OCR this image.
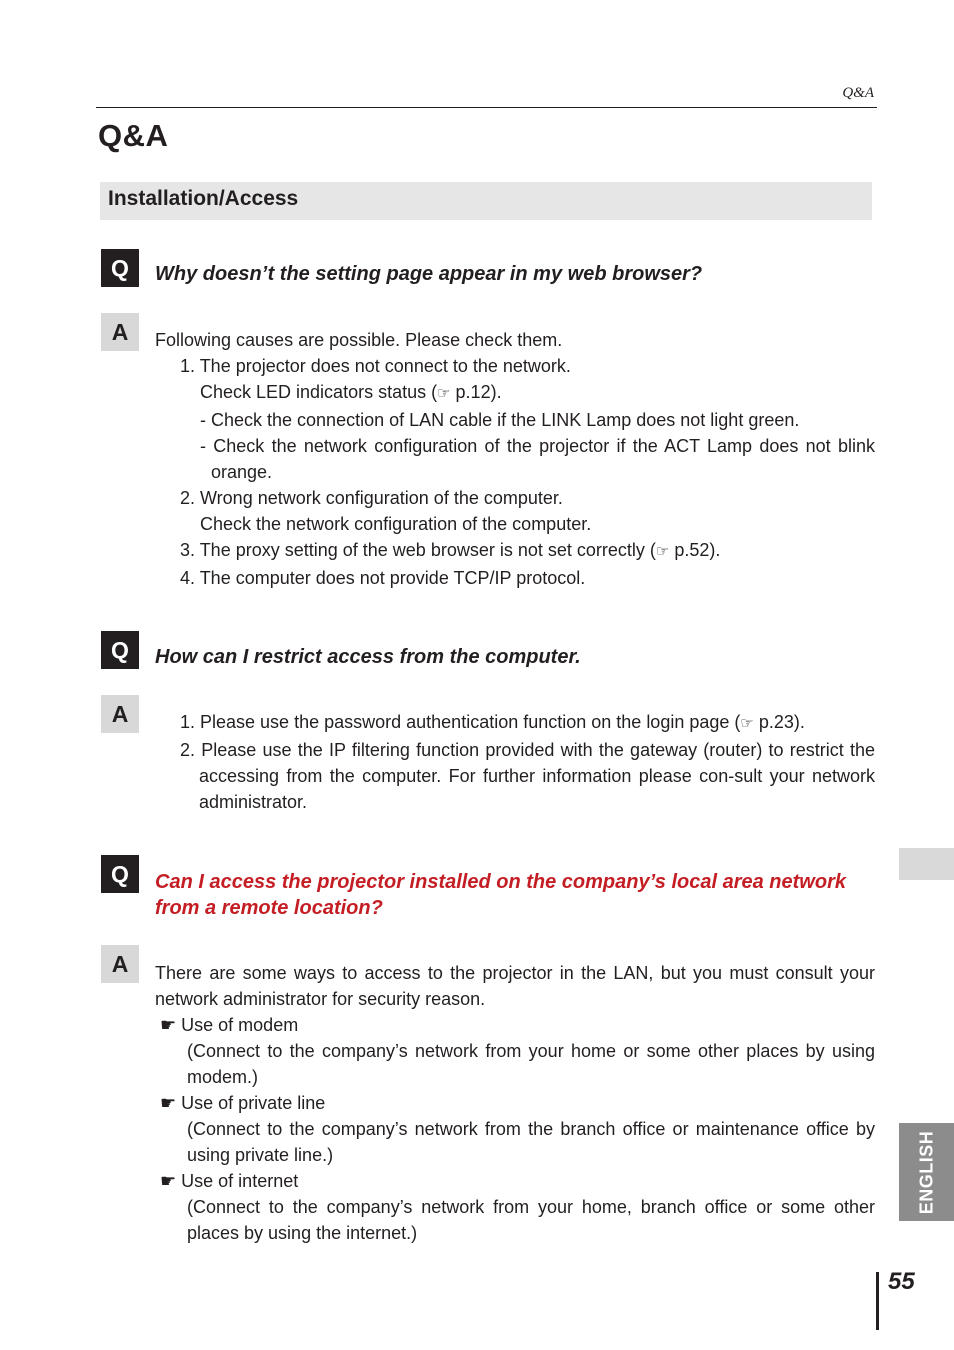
Q&A
Q&A
Installation/Access
Q	Why doesn’t the setting page appear in my web browser?

A	Following causes are possible. Please check them.

1. The projector does not connect to the network.

Check LED indicators status (☞ p.12).

- Check the connection of LAN cable if the LINK Lamp does not light green.

- Check the network configuration of the projector if the ACT Lamp does not blink orange.

2. Wrong network configuration of the computer.

Check the network configuration of the computer.

3. The proxy setting of the web browser is not set correctly (☞ p.52).

4. The computer does not provide TCP/IP protocol.

Q	How can I restrict access from the computer.

A	1. Please use the password authentication function on the login page (☞ p.23).

2. Please use the IP filtering function provided with the gateway (router) to restrict the accessing from the computer. For further information please con-sult your network administrator.

Q	Can I access the projector installed on the company’s local area network from a remote location?

A	There are some ways to access to the projector in the LAN, but you must consult your network administrator for security reason.

☛ Use of modem

(Connect to the company’s network from your home or some other places by using modem.)

☛ Use of private line

(Connect to the company’s network from the branch office or maintenance office by using private line.)

☛ Use of internet

(Connect to the company’s network from your home, branch office or some other places by using the internet.)

ENGLISH
55
